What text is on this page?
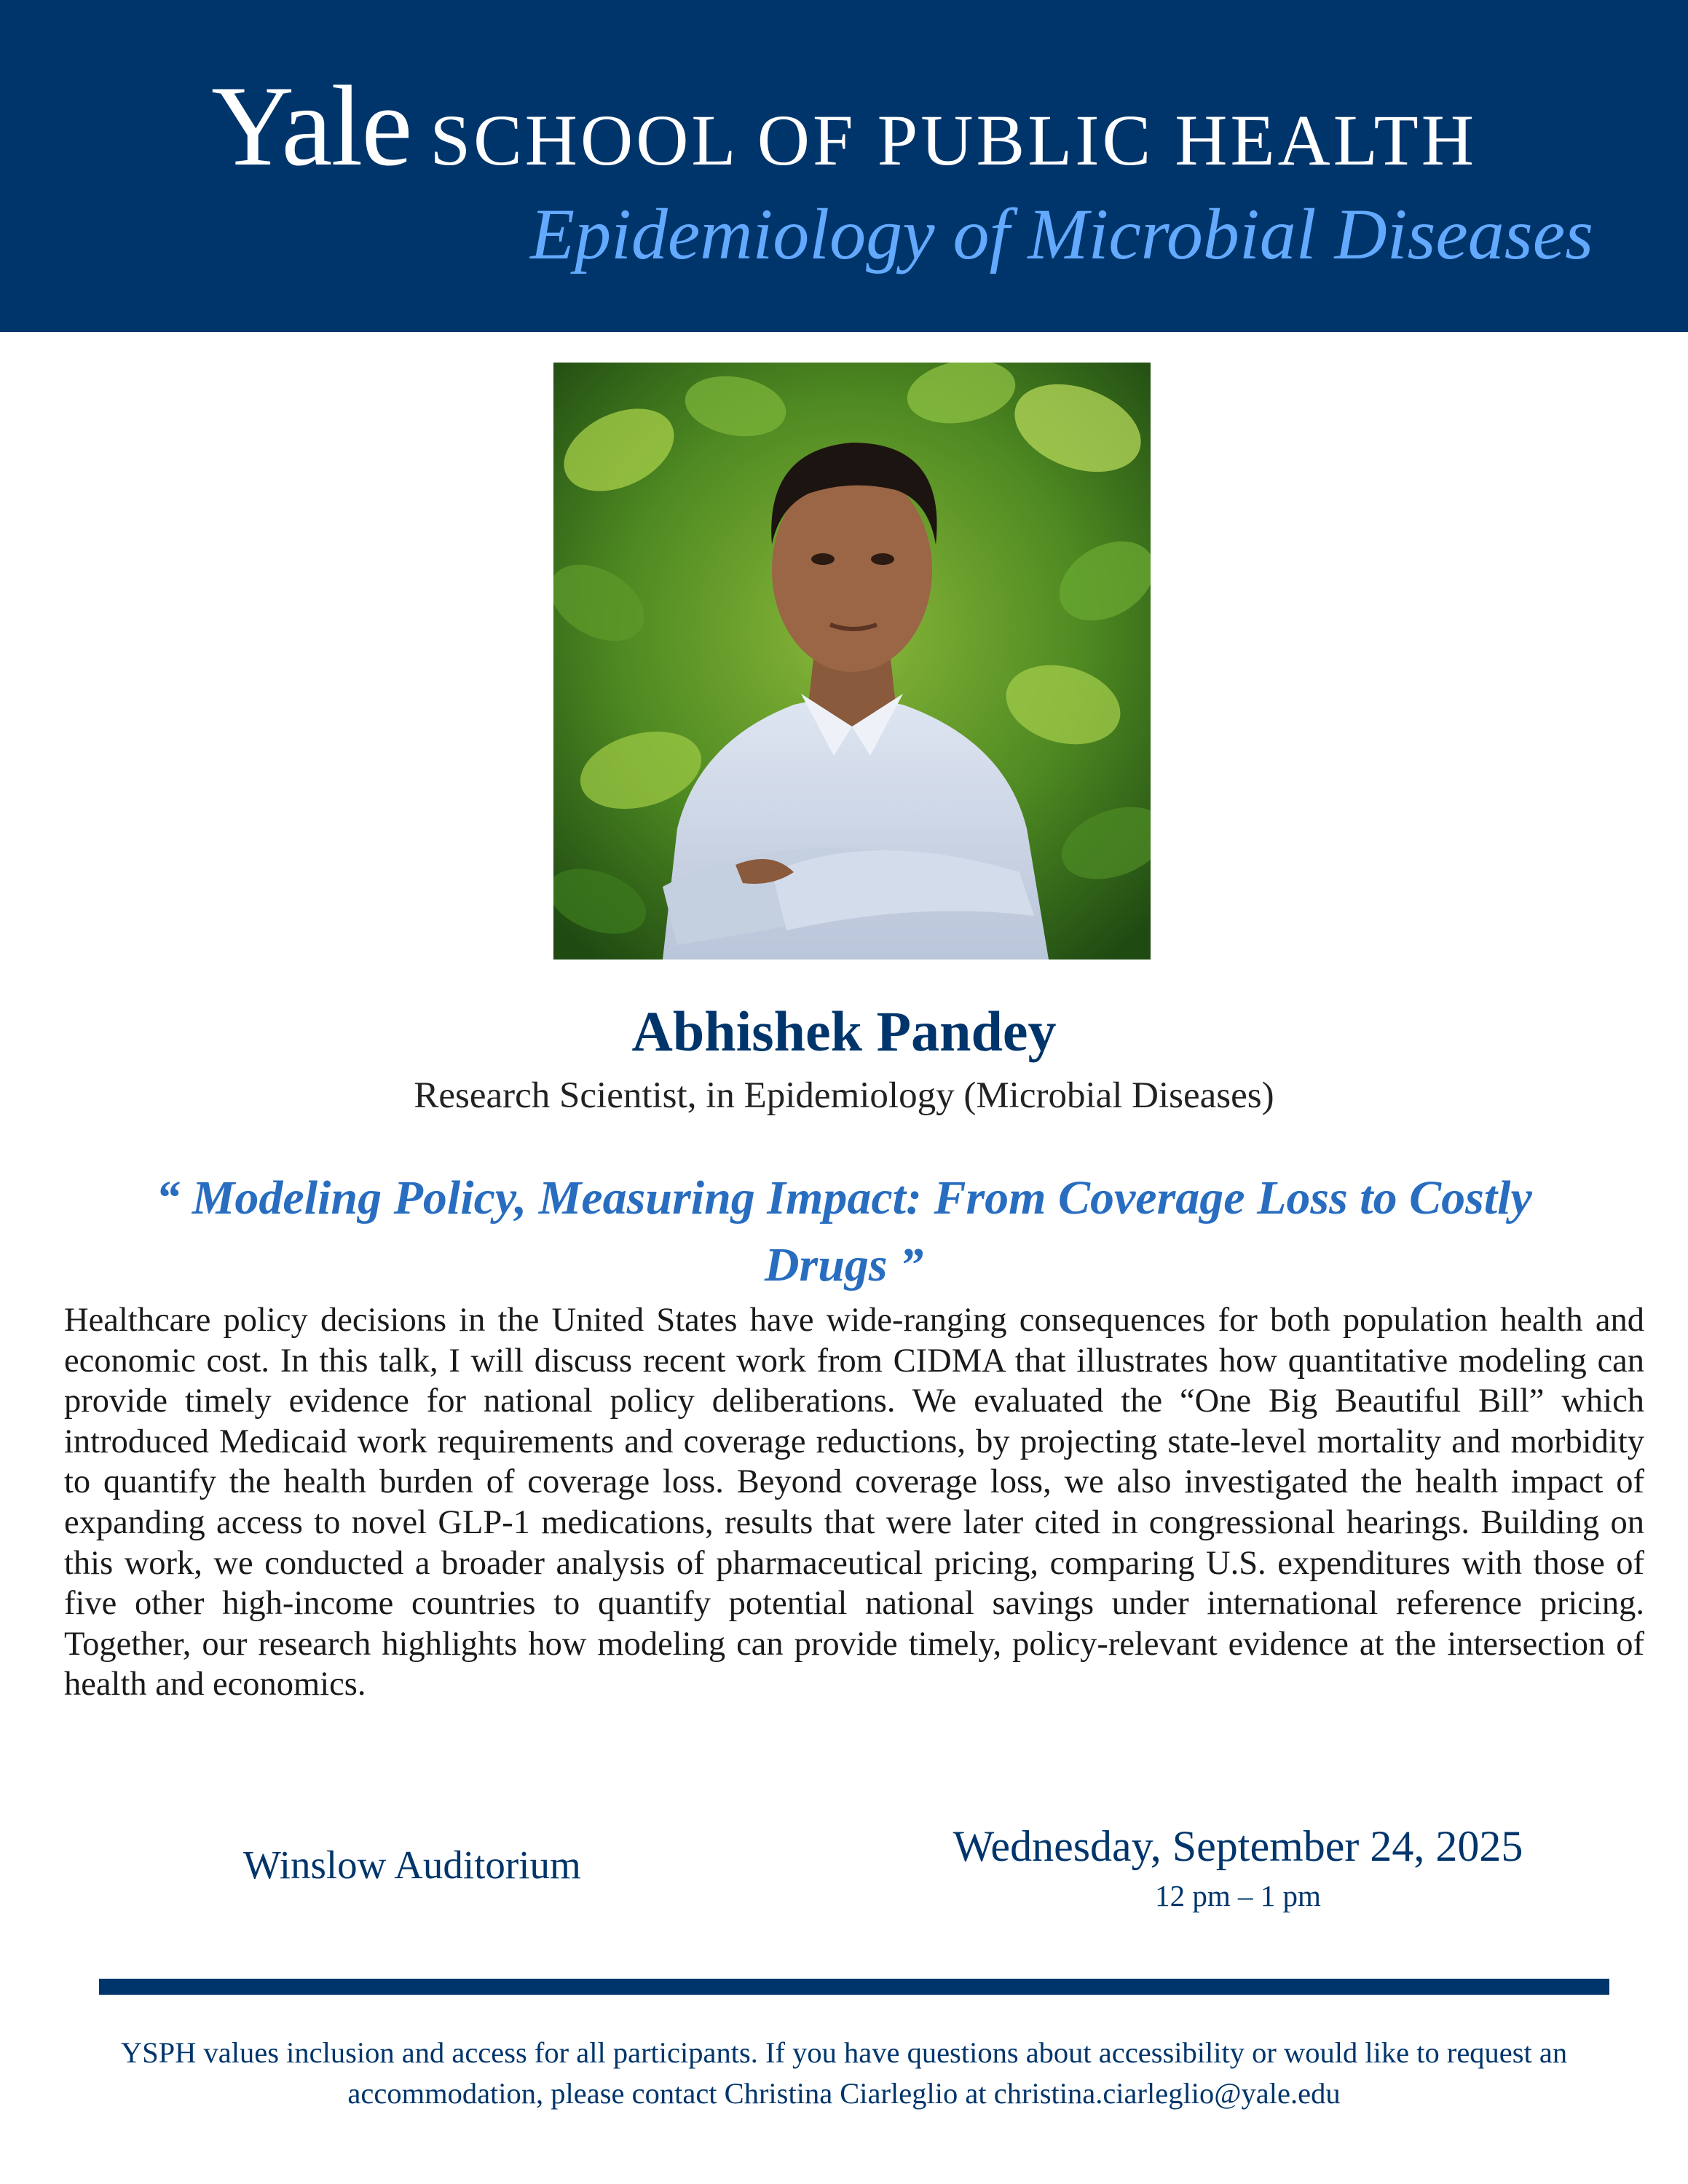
Yale SCHOOL OF PUBLIC HEALTH
Epidemiology of Microbial Diseases
Abhishek Pandey
Research Scientist, in Epidemiology (Microbial Diseases)
“ Modeling Policy, Measuring Impact: From Coverage Loss to Costly Drugs ”
Healthcare policy decisions in the United States have wide-ranging consequences for both population health and economic cost. In this talk, I will discuss recent work from CIDMA that illustrates how quantitative modeling can provide timely evidence for national policy deliberations. We evaluated the “One Big Beautiful Bill” which introduced Medicaid work requirements and coverage reductions, by projecting state-level mortality and morbidity to quantify the health burden of coverage loss. Beyond coverage loss, we also investigated the health impact of expanding access to novel GLP-1 medications, results that were later cited in congressional hearings. Building on this work, we conducted a broader analysis of pharmaceutical pricing, comparing U.S. expenditures with those of five other high-income countries to quantify potential national savings under international reference pricing. Together, our research highlights how modeling can provide timely, policy-relevant evidence at the intersection of health and economics.
Winslow Auditorium	Wednesday, September 24, 2025
12 pm – 1 pm
YSPH values inclusion and access for all participants. If you have questions about accessibility or would like to request an accommodation, please contact Christina Ciarleglio at christina.ciarleglio@yale.edu
